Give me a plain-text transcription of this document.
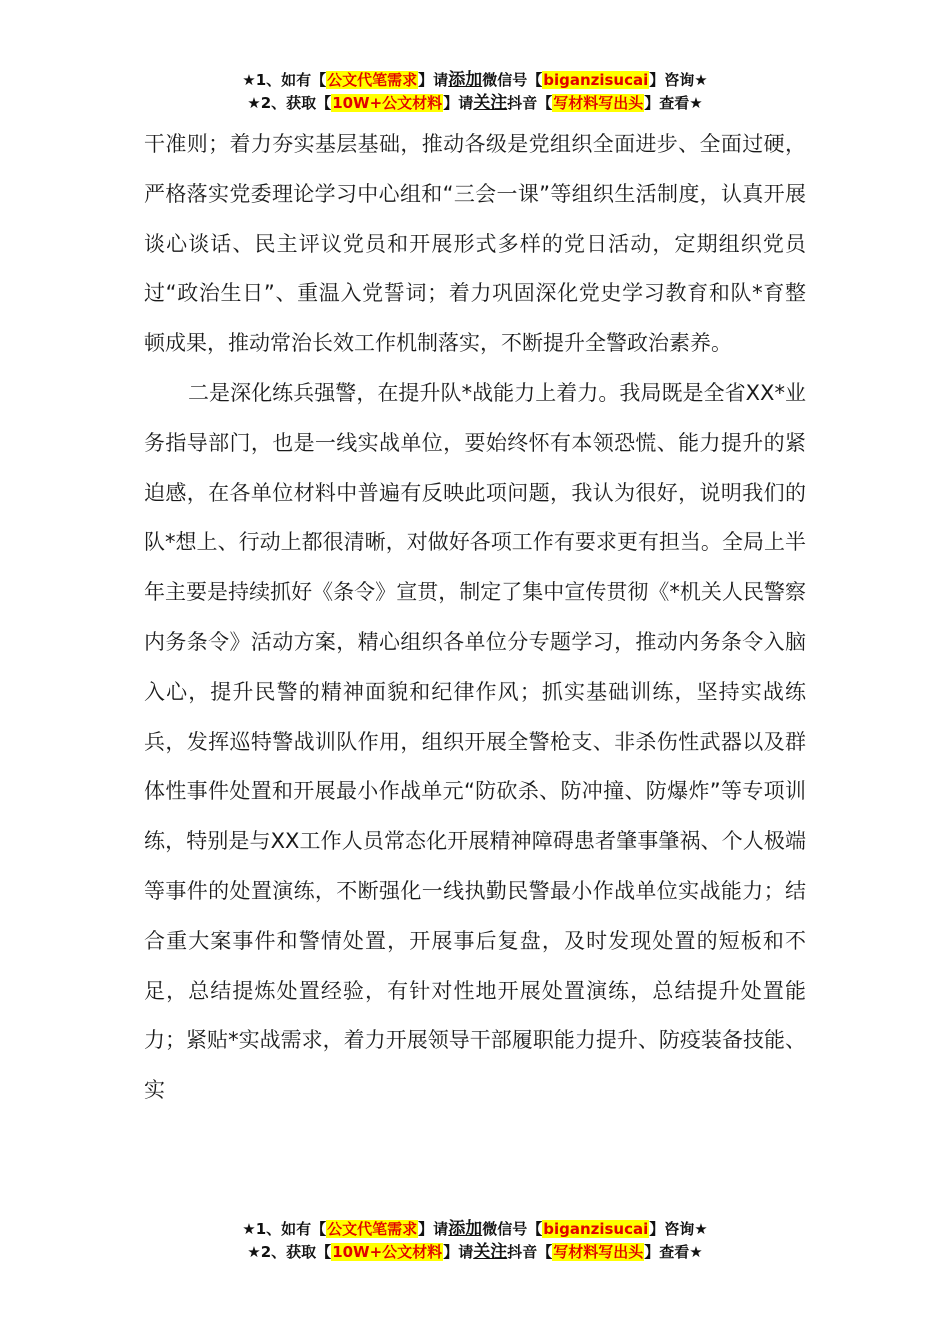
★1、如有【公文代笔需求】请添加微信号【biganzisucai】咨询★
★2、获取【10W+公文材料】请关注抖音【写材料写出头】查看★

干准则；着力夯实基层基础，推动各级是党组织全面进步、全面过硬，严格落实党委理论学习中心组和“三会一课”等组织生活制度，认真开展谈心谈话、民主评议党员和开展形式多样的党日活动，定期组织党员过“政治生日”、重温入党誓词；着力巩固深化党史学习教育和队*育整顿成果，推动常治长效工作机制落实，不断提升全警政治素养。

二是深化练兵强警，在提升队*战能力上着力。我局既是全省XX*业务指导部门，也是一线实战单位，要始终怀有本领恐慌、能力提升的紧迫感，在各单位材料中普遍有反映此项问题，我认为很好，说明我们的队*想上、行动上都很清晰，对做好各项工作有要求更有担当。全局上半年主要是持续抓好《条令》宣贯，制定了集中宣传贯彻《*机关人民警察内务条令》活动方案，精心组织各单位分专题学习，推动内务条令入脑入心，提升民警的精神面貌和纪律作风；抓实基础训练，坚持实战练兵，发挥巡特警战训队作用，组织开展全警枪支、非杀伤性武器以及群体性事件处置和开展最小作战单元“防砍杀、防冲撞、防爆炸”等专项训练，特别是与XX工作人员常态化开展精神障碍患者肇事肇祸、个人极端等事件的处置演练，不断强化一线执勤民警最小作战单位实战能力；结合重大案事件和警情处置，开展事后复盘，及时发现处置的短板和不足，总结提炼处置经验，有针对性地开展处置演练，总结提升处置能力；紧贴*实战需求，着力开展领导干部履职能力提升、防疫装备技能、实

★1、如有【公文代笔需求】请添加微信号【biganzisucai】咨询★
★2、获取【10W+公文材料】请关注抖音【写材料写出头】查看★
